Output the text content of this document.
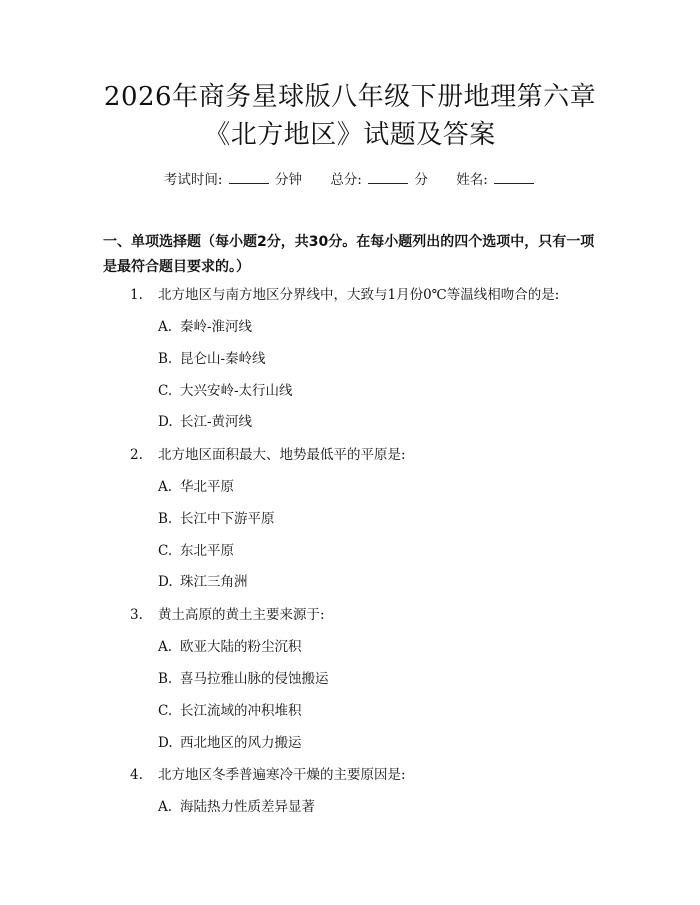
2026年商务星球版八年级下册地理第六章
《北方地区》试题及答案
考试时间:	分钟 总分:	分 姓名:
一、单项选择题（每小题2分，共30分。在每小题列出的四个选项中，只有一项是最符合题目要求的。）
1. 北方地区与南方地区分界线中，大致与1月份0℃等温线相吻合的是:
A. 秦岭-淮河线
B. 昆仑山-秦岭线
C. 大兴安岭-太行山线
D. 长江-黄河线
2. 北方地区面积最大、地势最低平的平原是:
A. 华北平原
B. 长江中下游平原
C. 东北平原
D. 珠江三角洲
3. 黄土高原的黄土主要来源于:
A. 欧亚大陆的粉尘沉积
B. 喜马拉雅山脉的侵蚀搬运
C. 长江流域的冲积堆积
D. 西北地区的风力搬运
4. 北方地区冬季普遍寒冷干燥的主要原因是:
A. 海陆热力性质差异显著
